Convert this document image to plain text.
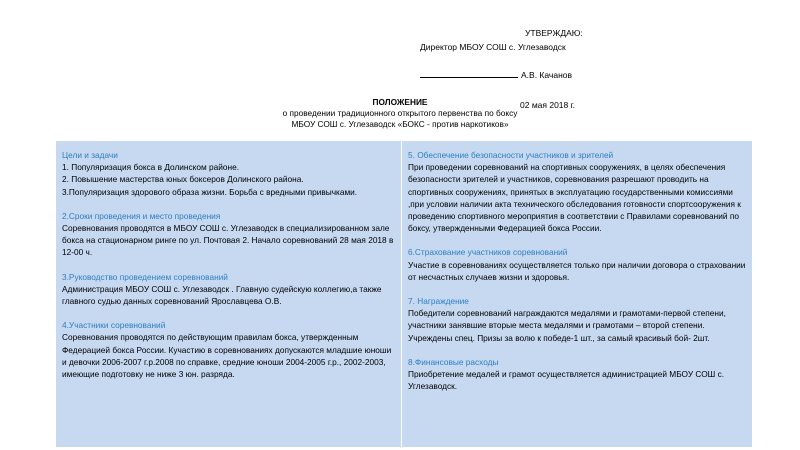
УТВЕРЖДАЮ:
Директор МБОУ СОШ с. Углезаводск
А.В. Качанов
02 мая 2018 г.
ПОЛОЖЕНИЕ
о проведении традиционного открытого первенства по боксу
МБОУ СОШ с. Углезаводск «БОКС - против наркотиков»
Цели и задачи
1. Популяризация бокса в Долинском районе.
2. Повышение мастерства юных боксеров Долинского района.
3.Популяризация здорового образа жизни. Борьба с вредными привычками.
2.Сроки проведения и место проведения
Соревнования проводятся в МБОУ СОШ с. Углезаводск в специализированном зале бокса на стационарном ринге по ул. Почтовая 2. Начало соревнований 28 мая 2018 в 12-00 ч.
3.Руководство проведением соревнований
Администрация МБОУ СОШ с. Углезаводск . Главную судейскую коллегию,а также главного судью данных соревнований Ярославцева О.В.
4.Участники соревнований
Соревнования проводятся по действующим правилам бокса, утвержденным Федерацией бокса России. Кучастию в соревнованиях допускаются младшие юноши и девочки 2006-2007 г.р.2008 по справке, средние юноши 2004-2005 г.р., 2002-2003, имеющие подготовку не ниже 3 юн. разряда.
5. Обеспечение безопасности участников и зрителей
При проведении соревнований на спортивных сооружениях, в целях обеспечения безопасности зрителей и участников, соревнования разрешают проводить на спортивных сооружениях, принятых в эксплуатацию государственными комиссиями ,при условии наличии акта технического обследования готовности спортсооружения к проведению спортивного мероприятия в соответствии с Правилами соревнований по боксу, утвержденными Федерацией бокса России.
6.Страхование участников соревнований
Участие в соревнованиях осуществляется только при наличии договора о страховании от несчастных случаев жизни и здоровья.
7. Награждение
Победители соревнований награждаются медалями и грамотами-первой степени, участники занявшие вторые места медалями и грамотами – второй степени. Учреждены спец. Призы за волю к победе-1 шт., за самый красивый бой- 2шт.
8.Финансовые расходы
Приобретение медалей и грамот осуществляется администрацией МБОУ СОШ с. Углезаводск.
